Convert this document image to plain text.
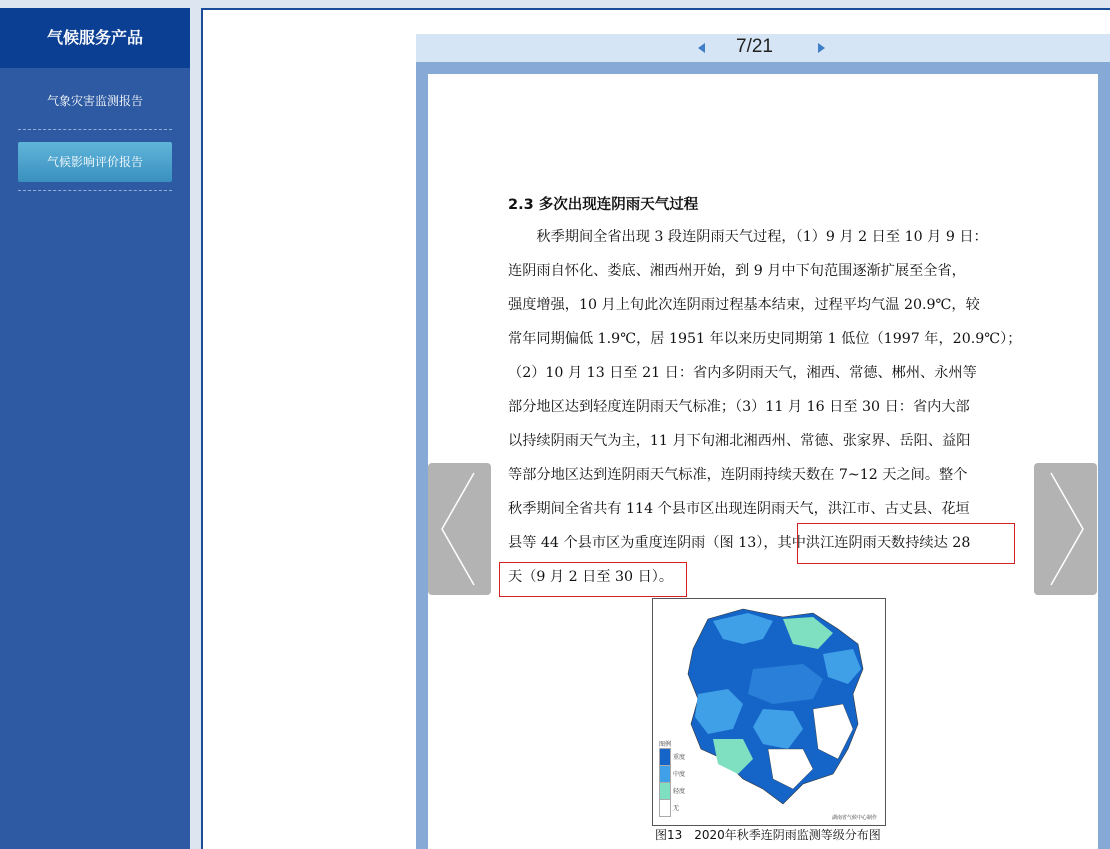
气候服务产品
气象灾害监测报告
气候影响评价报告
7/21
2.3 多次出现连阴雨天气过程
　　秋季期间全省出现 3 段连阴雨天气过程，（1）9 月 2 日至 10 月 9 日：
连阴雨自怀化、娄底、湘西州开始，到 9 月中下旬范围逐渐扩展至全省，
强度增强，10 月上旬此次连阴雨过程基本结束，过程平均气温 20.9℃，较
常年同期偏低 1.9℃，居 1951 年以来历史同期第 1 低位（1997 年，20.9℃）；
（2）10 月 13 日至 21 日：省内多阴雨天气，湘西、常德、郴州、永州等
部分地区达到轻度连阴雨天气标准；（3）11 月 16 日至 30 日：省内大部
以持续阴雨天气为主，11 月下旬湘北湘西州、常德、张家界、岳阳、益阳
等部分地区达到连阴雨天气标准，连阴雨持续天数在 7~12 天之间。整个
秋季期间全省共有 114 个县市区出现连阴雨天气，洪江市、古丈县、花垣
县等 44 个县市区为重度连阴雨（图 13），其中洪江连阴雨天数持续达 28
天（9 月 2 日至 30 日）。
图例
重度
中度
轻度
无
湖南省气候中心制作
图13　2020年秋季连阴雨监测等级分布图
